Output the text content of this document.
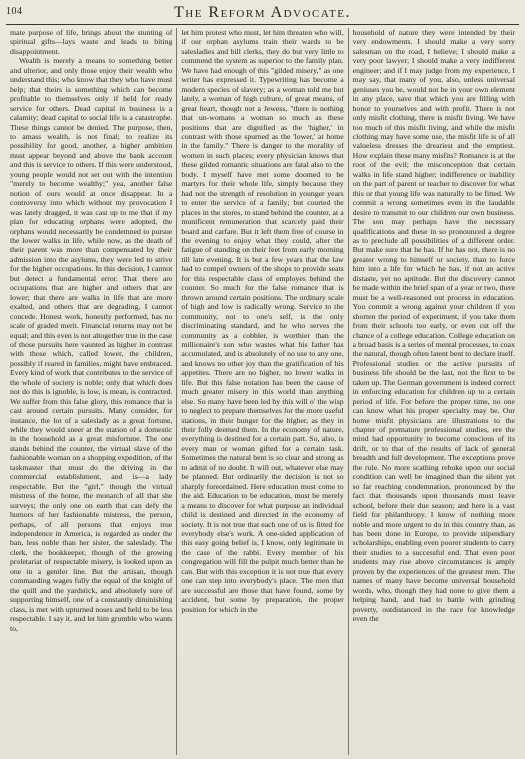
104	The Reform Advocate.

mate purpose of life, brings about the stunting of spiritual gifts—lays waste and leads to biting disappointment.

Wealth is merely a means to something better and ulterior, and only those enjoy their wealth who understand this; who know that they who have must help; that theirs is something which can become profitable to themselves only if held for ready service for others. Dead capital in business is a calamity; dead capital to social life is a catastrophe. These things cannot be denied. The purpose, then, to amass wealth, is not final; to realize its possibility for good, another, a higher ambition must appear beyond and above the bank account and this is service to others. If this were understood, young people would not set out with the intention "merely to become wealthy;" yea, another false notion of ours would at once disappear. In a controversy into which without my provocation I was lately dragged, it was cast up to me that if my plan for educating orphans were adopted, the orphans would necessarily be condemned to pursue the lower walks in life, while now, as the death of their parent was more than compensated by their admission into the asylums, they were led to strive for the higher occupations. In this decision, I cannot but detect a fundamental error. That there are occupations that are higher and others that are lower; that there are walks in life that are more exalted, and others that are degrading, I cannot concede. Honest work, honestly performed, has no scale of graded merit. Financial returns may not be equal; and this even is not altogether true in the case of those pursuits here vaunted as higher in contrast with those which, called lower, the children, possibly if reared in families, might have embraced. Every kind of work that contributes to the service of the whole of society is noble; only that which does not do this is ignoble, is low, is mean, is contracted. We suffer from this false glory, this romance that is cast around certain pursuits. Many consider, for instance, the lot of a saleslady as a great fortune, while they would sneer at the station of a domestic in the household as a great misfortune. The one stands behind the counter, the virtual slave of the fashionable woman on a shopping expedition, of the taskmaster that must do the driving in the commercial establishment, and is—a lady respectable. But the "girl," though the virtual mistress of the home, the monarch of all that she surveys; the only one on earth that can defy the humors of her fashionable mistress, the person, perhaps, of all persons that enjoys true independence in America, is regarded as under the ban, less noble than her sister, the saleslady. The clerk, the bookkeeper, though of the growing proletariat of respectable misery, is looked upon as one in a gentler line. But the artisan, though commanding wages fully the equal of the knight of the quill and the yardstick, and absolutely sure of supporting himself, one of a constantly diminishing class, is met with upturned noses and held to be less respectable. I say it, and let him grumble who wants to,

let him protest who must, let him threaten who will, if our orphan asylums train their wards to be salesladies and bill clerks, they do but very little to commend the system as superior to the family plan. We have had enough of this "gilded misery," as one writer has expressed it. Typewriting has become a modern species of slavery; as a woman told me but lately, a woman of high culture, of great means, of great heart, though not a Jewess, "there is nothing that un-womans a woman so much as these positions that are dignified as the 'higher,' in contrast with those spurned as the 'lower,' at home in the family." There is danger to the morality of women in such places; every physician knows that these gilded romantic situations are fatal also to the body. I myself have met some doomed to be martyrs for their whole life, simply because they had not the strength of resolution in younger years to enter the service of a family; but courted the places in the stores, to stand behind the counter, at a munificent remuneration that scarcely paid their board and carfare. But it left them free of course in the evening to enjoy what they could, after the fatigue of standing on their feet from early morning till late evening. It is but a few years that the law had to compel owners of the shops to provide seats for this respectable class of employes behind the counter. So much for the false romance that is thrown around certain positions. The ordinary scale of high and low is radically wrong. Service to the community, not to one's self, is the only discriminating standard, and he who serves the community as a cobbler, is worthier than the millionaire's son who wastes what his father has accumulated, and is absolutely of no use to any one, and knows no other joy than the gratification of his appetites. There are no higher, no lower walks in life. But this false notation has been the cause of much greater misery in this world than anything else. So many have been led by this will o' the wisp to neglect to prepare themselves for the more useful stations, in their hunger for the higher, as they in their folly deemed them. In the economy of nature, everything is destined for a certain part. So, also, is every man or woman gifted for a certain task. Sometimes the natural bent is so clear and strong as to admit of no doubt. It will out, whatever else may be planned. But ordinarily the decision is not so sharply foreordained. Here education must come to the aid. Education to be education, must be merely a means to discover for what purpose an individual child is destined and directed in the economy of society. It is not true that each one of us is fitted for everybody else's work. A one-sided application of this easy going belief is, I know, only legitimate in the case of the rabbi. Every member of his congregation will fill the pulpit much better than he can. But with this exception it is not true that every one can step into everybody's place. The men that are successful are those that have found, some by accident, but some by preparation, the proper position for which in the

household of nature they were intended by their very endowments. I should make a very sorry salesman on the road, I believe; I should make a very poor lawyer; I should make a very indifferent engineer; and if I may judge from my experience, I may say, that many of you, also, unless universal geniuses you be, would not be in your own element in any place, save that which you are filling with honor to yourselves and with profit. There is not only misfit clothing, there is misfit living. We have too much of this misfit living, and while the misfit clothing may have some use, the misfit life is of all valueless dresses the dreariest and the emptiest. How explain these many misfits? Romance is at the root of the evil; the misconception that certain walks in life stand higher; indifference or inability on the part of parent or teacher to discover for what this or that young life was naturally to be fitted. We commit a wrong sometimes even in the laudable desire to transmit to our children our own business. The son may perhaps have the necessary qualifications and these in so pronounced a degree as to preclude all possibilities of a different order. But make sure that he has. If he has not, there is no greater wrong to himself or society, than to force him into a life for which he has, if not an active distaste, yet no aptitude. But the discovery cannot be made within the brief span of a year or two, there must be a well-reasoned out process in education. You commit a wrong against your children if you shorten the period of experiment, if you take them from their schools too early, or even cut off the chance of a college education. College education on a broad basis is a series of mental processes, to coax the natural, though often latent bent to declare itself. Professional studies or the active pursuits of business life should be the last, not the first to be taken up. The German government is indeed correct in enforcing education for children up to a certain period of life. For before the proper time, no one can know what his proper specialty may be. Our home misfit physicians are illustrations to the chapter of premature professional studies, ere the mind had opportunity to become conscious of its drift, or to that of the results of lack of general breadth and full development. The exceptions prove the rule. No more scathing rebuke upon our social condition can well be imagined than the silent yet so far reaching condemnation, pronounced by the fact that thousands upon thousands must leave school, before their due season; and here is a vast field for philanthropy. I know of nothing more noble and more urgent to do in this country than, as has been done in Europe, to provide stipendiary scholarships, enabling even poorer students to carry their studies to a successful end. That even poor students may rise above circumstances is amply proven by the experiences of the greatest men. The names of many have become universal household words, who, though they had none to give them a helping hand, and had to battle with grinding poverty, outdistanced in the race for knowledge even the
